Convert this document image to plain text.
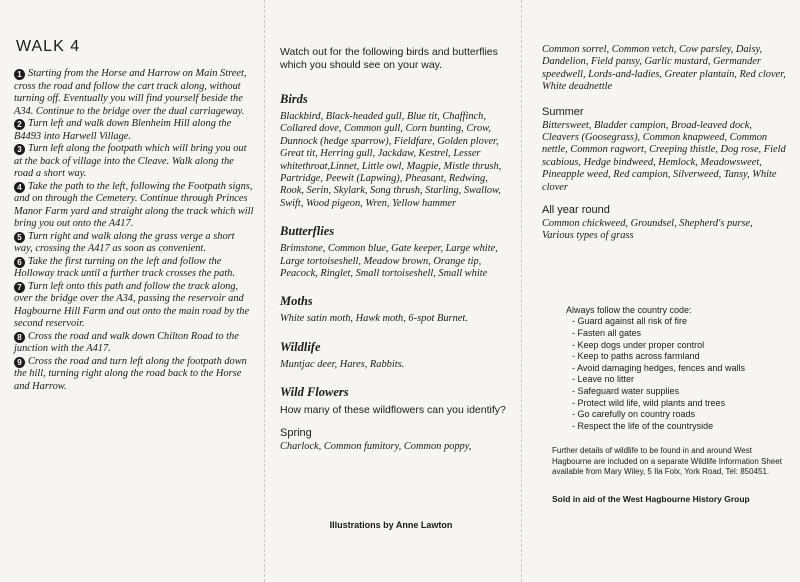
WALK 4

1 Starting from the Horse and Harrow on Main Street, cross the road and follow the cart track along, without turning off. Eventually you will find yourself beside the A34. Continue to the bridge over the dual carriageway.

2 Turn left and walk down Blenheim Hill along the B4493 into Harwell Village.

3 Turn left along the footpath which will bring you out at the back of village into the Cleave. Walk along the road a short way.

4 Take the path to the left, following the Footpath signs, and on through the Cemetery. Continue through Princes Manor Farm yard and straight along the track which will bring you out onto the A417.

5 Turn right and walk along the grass verge a short way, crossing the A417 as soon as convenient.

6 Take the first turning on the left and follow the Holloway track until a further track crosses the path.

7 Turn left onto this path and follow the track along, over the bridge over the A34, passing the reservoir and Hagbourne Hill Farm and out onto the main road by the second reservoir.

8 Cross the road and walk down Chilton Road to the junction with the A417.

9 Cross the road and turn left along the footpath down the hill, turning right along the road back to the Horse and Harrow.

Watch out for the following birds and butterflies which you should see on your way.

Birds

Blackbird, Black-headed gull, Blue tit, Chaffinch, Collared dove, Common gull, Corn bunting, Crow, Dunnock (hedge sparrow), Fieldfare, Golden plover, Great tit, Herring gull, Jackdaw, Kestrel, Lesser whitethroat,Linnet, Little owl, Magpie, Mistle thrush, Partridge, Peewit (Lapwing), Pheasant, Redwing, Rook, Serin, Skylark, Song thrush, Starling, Swallow, Swift, Wood pigeon, Wren, Yellow hammer

Butterflies

Brimstone, Common blue, Gate keeper, Large white, Large tortoiseshell, Meadow brown, Orange tip, Peacock, Ringlet, Small tortoiseshell, Small white

Moths

White satin moth, Hawk moth, 6-spot Burnet.

Wildlife

Muntjac deer, Hares, Rabbits.

Wild Flowers

How many of these wildflowers can you identify?

Spring

Charlock, Common fumitory, Common poppy,

Illustrations by Anne Lawton

Common sorrel, Common vetch, Cow parsley, Daisy, Dandelion, Field pansy, Garlic mustard, Germander speedwell, Lords-and-ladies, Greater plantain, Red clover, White deadnettle

Summer

Bittersweet, Bladder campion, Broad-leaved dock, Cleavers (Goosegrass), Common knapweed, Common nettle, Common ragwort, Creeping thistle, Dog rose, Field scabious, Hedge bindweed, Hemlock, Meadowsweet, Pineapple weed, Red campion, Silverweed, Tansy, White clover

All year round

Common chickweed, Groundsel, Shepherd's purse, Various types of grass

Always follow the country code:
- Guard against all risk of fire
- Fasten all gates
- Keep dogs under proper control
- Keep to paths across farmland
- Avoid damaging hedges, fences and walls
- Leave no litter
- Safeguard water supplies
- Protect wild life, wild plants and trees
- Go carefully on country roads
- Respect the life of the countryside

Further details of wildlife to be found in and around West Hagbourne are included on a separate Wildlife Information Sheet available from Mary Wiley, 5 Ila Folx, York Road, Tel: 850451.

Sold in aid of the West Hagbourne History Group
